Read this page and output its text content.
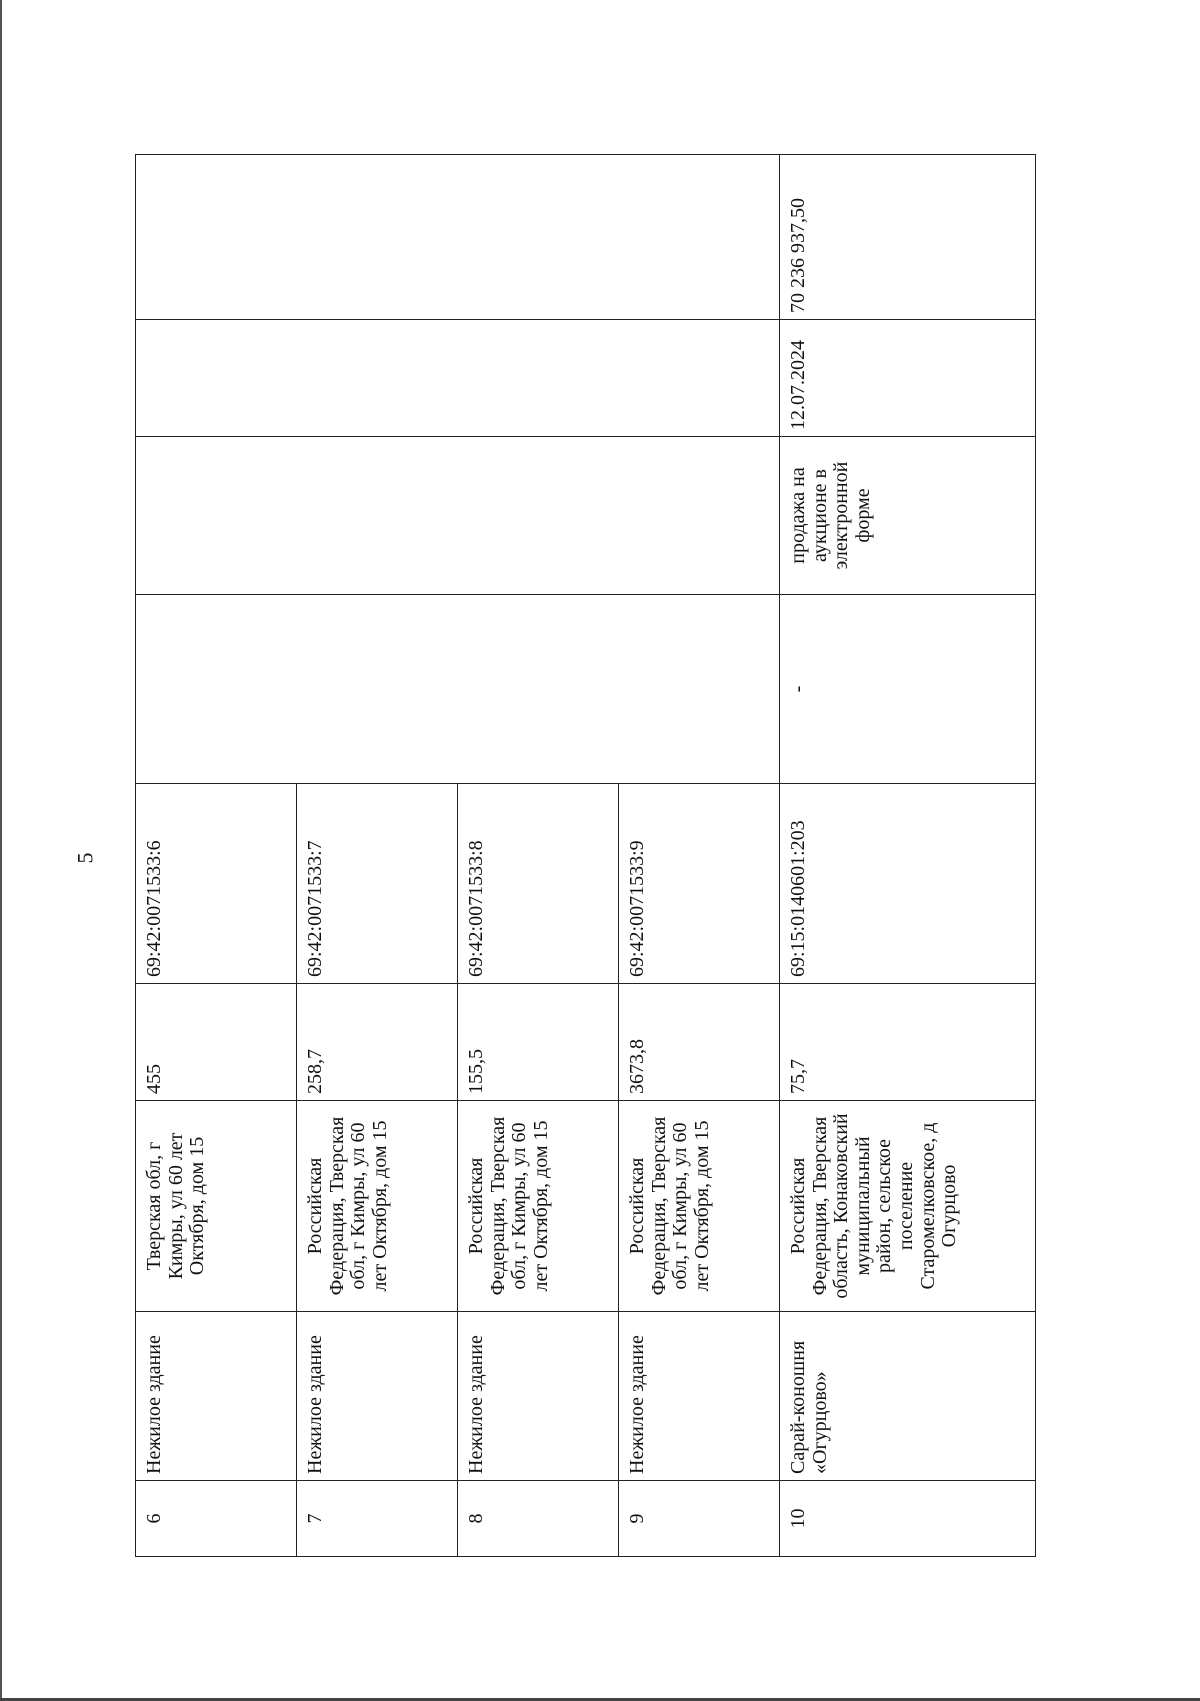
5
6	Нежилое здание	Тверская обл, г Кимры, ул 60 лет Октября, дом 15	455	69:42:0071533:6				
7	Нежилое здание	Российская Федерация, Тверская обл, г Кимры, ул 60 лет Октября, дом 15	258,7	69:42:0071533:7				
8	Нежилое здание	Российская Федерация, Тверская обл, г Кимры, ул 60 лет Октября, дом 15	155,5	69:42:0071533:8				
9	Нежилое здание	Российская Федерация, Тверская обл, г Кимры, ул 60 лет Октября, дом 15	3673,8	69:42:0071533:9				
10	Сарай-коношня «Огурцово»	Российская Федерация, Тверская область, Конаковский муниципальный район, сельское поселение Старомелковское, д Огурцово	75,7	69:15:0140601:203	-	продажа на аукционе в электронной форме	12.07.2024	70 236 937,50
